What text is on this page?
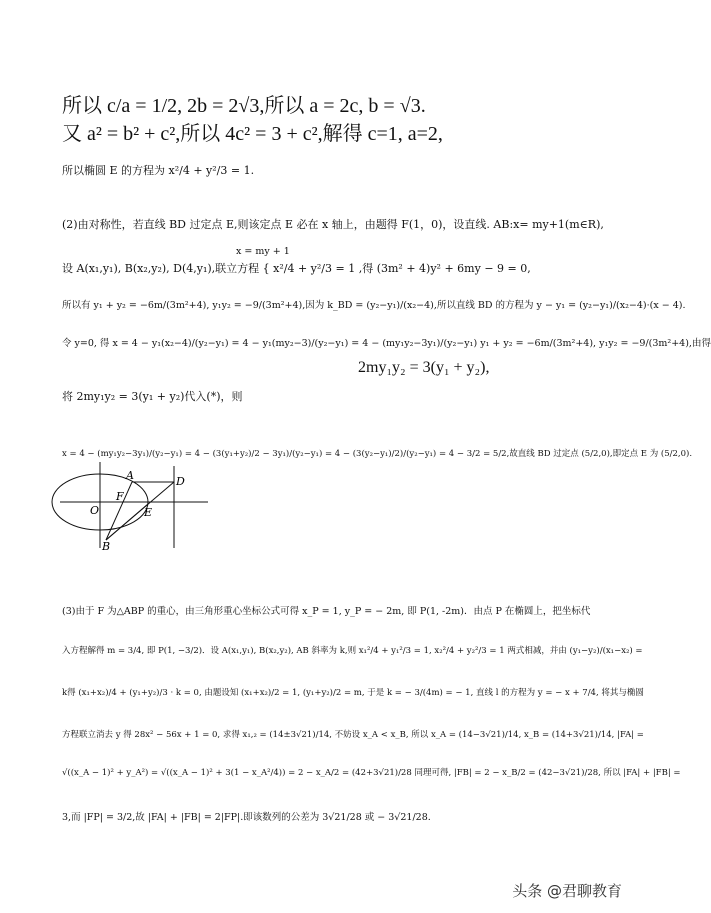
所以 c/a = 1/2, 2b = 2√3,所以 a = 2c, b = √3.
又 a² = b² + c²,所以 4c² = 3 + c²,解得 c=1, a=2,
所以椭圆 E 的方程为 x²/4 + y²/3 = 1.
(2)由对称性，若直线 BD 过定点 E,则该定点 E 必在 x 轴上，由题得 F(1，0)，设直线. AB:x= my+1(m∈R),
x = my + 1
设 A(x₁,y₁), B(x₂,y₂), D(4,y₁),联立方程 { x²/4 + y²/3 = 1 ,得 (3m² + 4)y² + 6my − 9 = 0,
所以有 y₁ + y₂ = −6m/(3m²+4), y₁y₂ = −9/(3m²+4),因为 k_BD = (y₂−y₁)/(x₂−4),所以直线 BD 的方程为 y − y₁ = (y₂−y₁)/(x₂−4)·(x − 4).
令 y=0, 得 x = 4 − y₁(x₂−4)/(y₂−y₁) = 4 − y₁(my₂−3)/(y₂−y₁) = 4 − (my₁y₂−3y₁)/(y₂−y₁) y₁ + y₂ = −6m/(3m²+4), y₁y₂ = −9/(3m²+4),由得
2my₁y₂ = 3(y₁ + y₂),
将 2my₁y₂ = 3(y₁ + y₂)代入(*)，则
x = 4 − (my₁y₂−3y₁)/(y₂−y₁) = 4 − (3(y₁+y₂)/2 − 3y₁)/(y₂−y₁) = 4 − (3(y₂−y₁)/2)/(y₂−y₁) = 4 − 3/2 = 5/2,故直线 BD 过定点 (5/2,0),即定点 E 为 (5/2,0).
A	D
F
O	E
B
(3)由于 F 为△ABP 的重心，由三角形重心坐标公式可得 x_P = 1, y_P = − 2m, 即 P(1, -2m)．由点 P 在椭圆上，把坐标代
入方程解得 m = 3/4, 即 P(1, −3/2)．设 A(x₁,y₁), B(x₂,y₂), AB 斜率为 k,则 x₁²/4 + y₁²/3 = 1, x₂²/4 + y₂²/3 = 1 两式相减，并由 (y₁−y₂)/(x₁−x₂) =
k得 (x₁+x₂)/4 + (y₁+y₂)/3 · k = 0, 由题设知 (x₁+x₂)/2 = 1, (y₁+y₂)/2 = m, 于是 k = − 3/(4m) = − 1, 直线 l 的方程为 y = − x + 7/4, 将其与椭圆
方程联立消去 y 得 28x² − 56x + 1 = 0, 求得 x₁,₂ = (14±3√21)/14, 不妨设 x_A < x_B, 所以 x_A = (14−3√21)/14, x_B = (14+3√21)/14, |FA| =
√((x_A − 1)² + y_A²) = √((x_A − 1)² + 3(1 − x_A²/4)) = 2 − x_A/2 = (42+3√21)/28 同理可得, |FB| = 2 − x_B/2 = (42−3√21)/28, 所以 |FA| + |FB| =
3,而 |FP| = 3/2,故 |FA| + |FB| = 2|FP|.即该数列的公差为 3√21/28 或 − 3√21/28.
头条 @君聊教育
